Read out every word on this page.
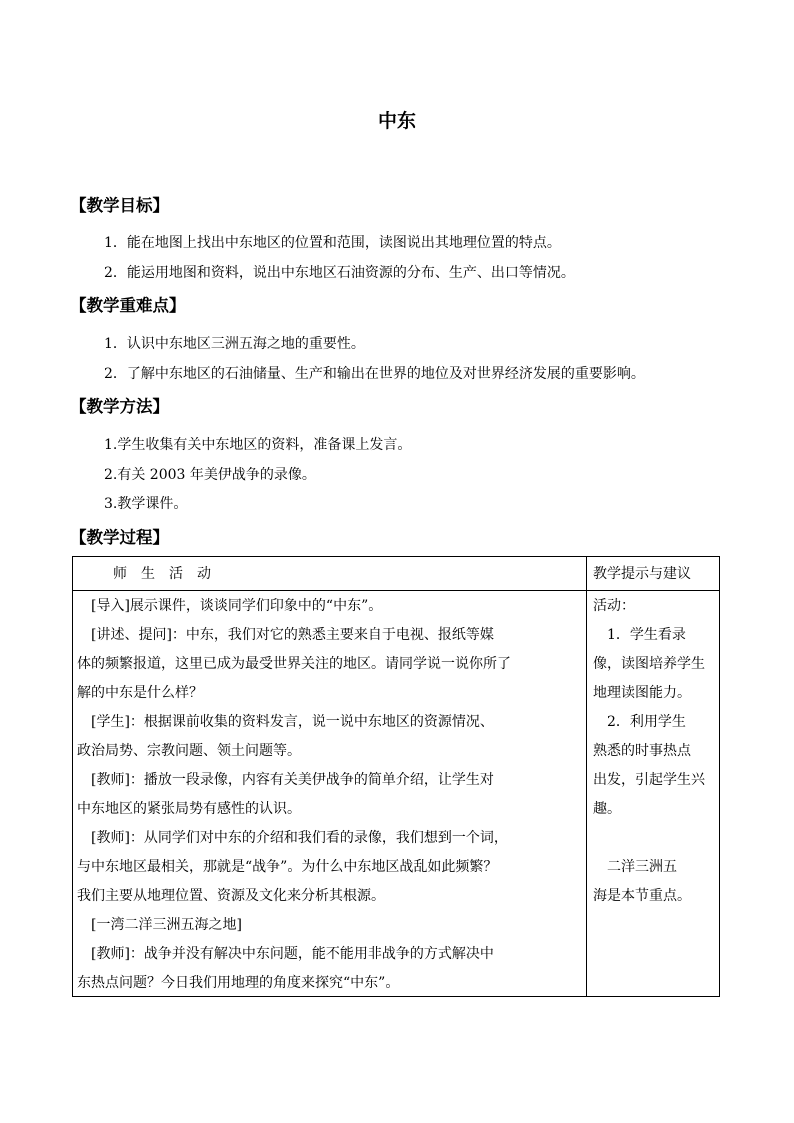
中东
【教学目标】
1．能在地图上找出中东地区的位置和范围，读图说出其地理位置的特点。
2．能运用地图和资料，说出中东地区石油资源的分布、生产、出口等情况。
【教学重难点】
1．认识中东地区三洲五海之地的重要性。
2．了解中东地区的石油储量、生产和输出在世界的地位及对世界经济发展的重要影响。
【教学方法】
1.学生收集有关中东地区的资料，准备课上发言。
2.有关 2003 年美伊战争的录像。
3.教学课件。
【教学过程】
师　生　活　动	教学提示与建议
　[导入]展示课件，谈谈同学们印象中的“中东”。
　[讲述、提问]：中东，我们对它的熟悉主要来自于电视、报纸等媒
体的频繁报道，这里已成为最受世界关注的地区。请同学说一说你所了
解的中东是什么样？
　[学生]：根据课前收集的资料发言，说一说中东地区的资源情况、
政治局势、宗教问题、领土问题等。
　[教师]：播放一段录像，内容有关美伊战争的简单介绍，让学生对
中东地区的紧张局势有感性的认识。
　[教师]：从同学们对中东的介绍和我们看的录像，我们想到一个词，
与中东地区最相关，那就是“战争”。为什么中东地区战乱如此频繁？
我们主要从地理位置、资源及文化来分析其根源。
　[一湾二洋三洲五海之地]
　[教师]：战争并没有解决中东问题，能不能用非战争的方式解决中
东热点问题？今日我们用地理的角度来探究“中东”。
活动：
　1．学生看录
像，读图培养学生
地理读图能力。
　2．利用学生
熟悉的时事热点
出发，引起学生兴
趣。
　二洋三洲五
海是本节重点。
